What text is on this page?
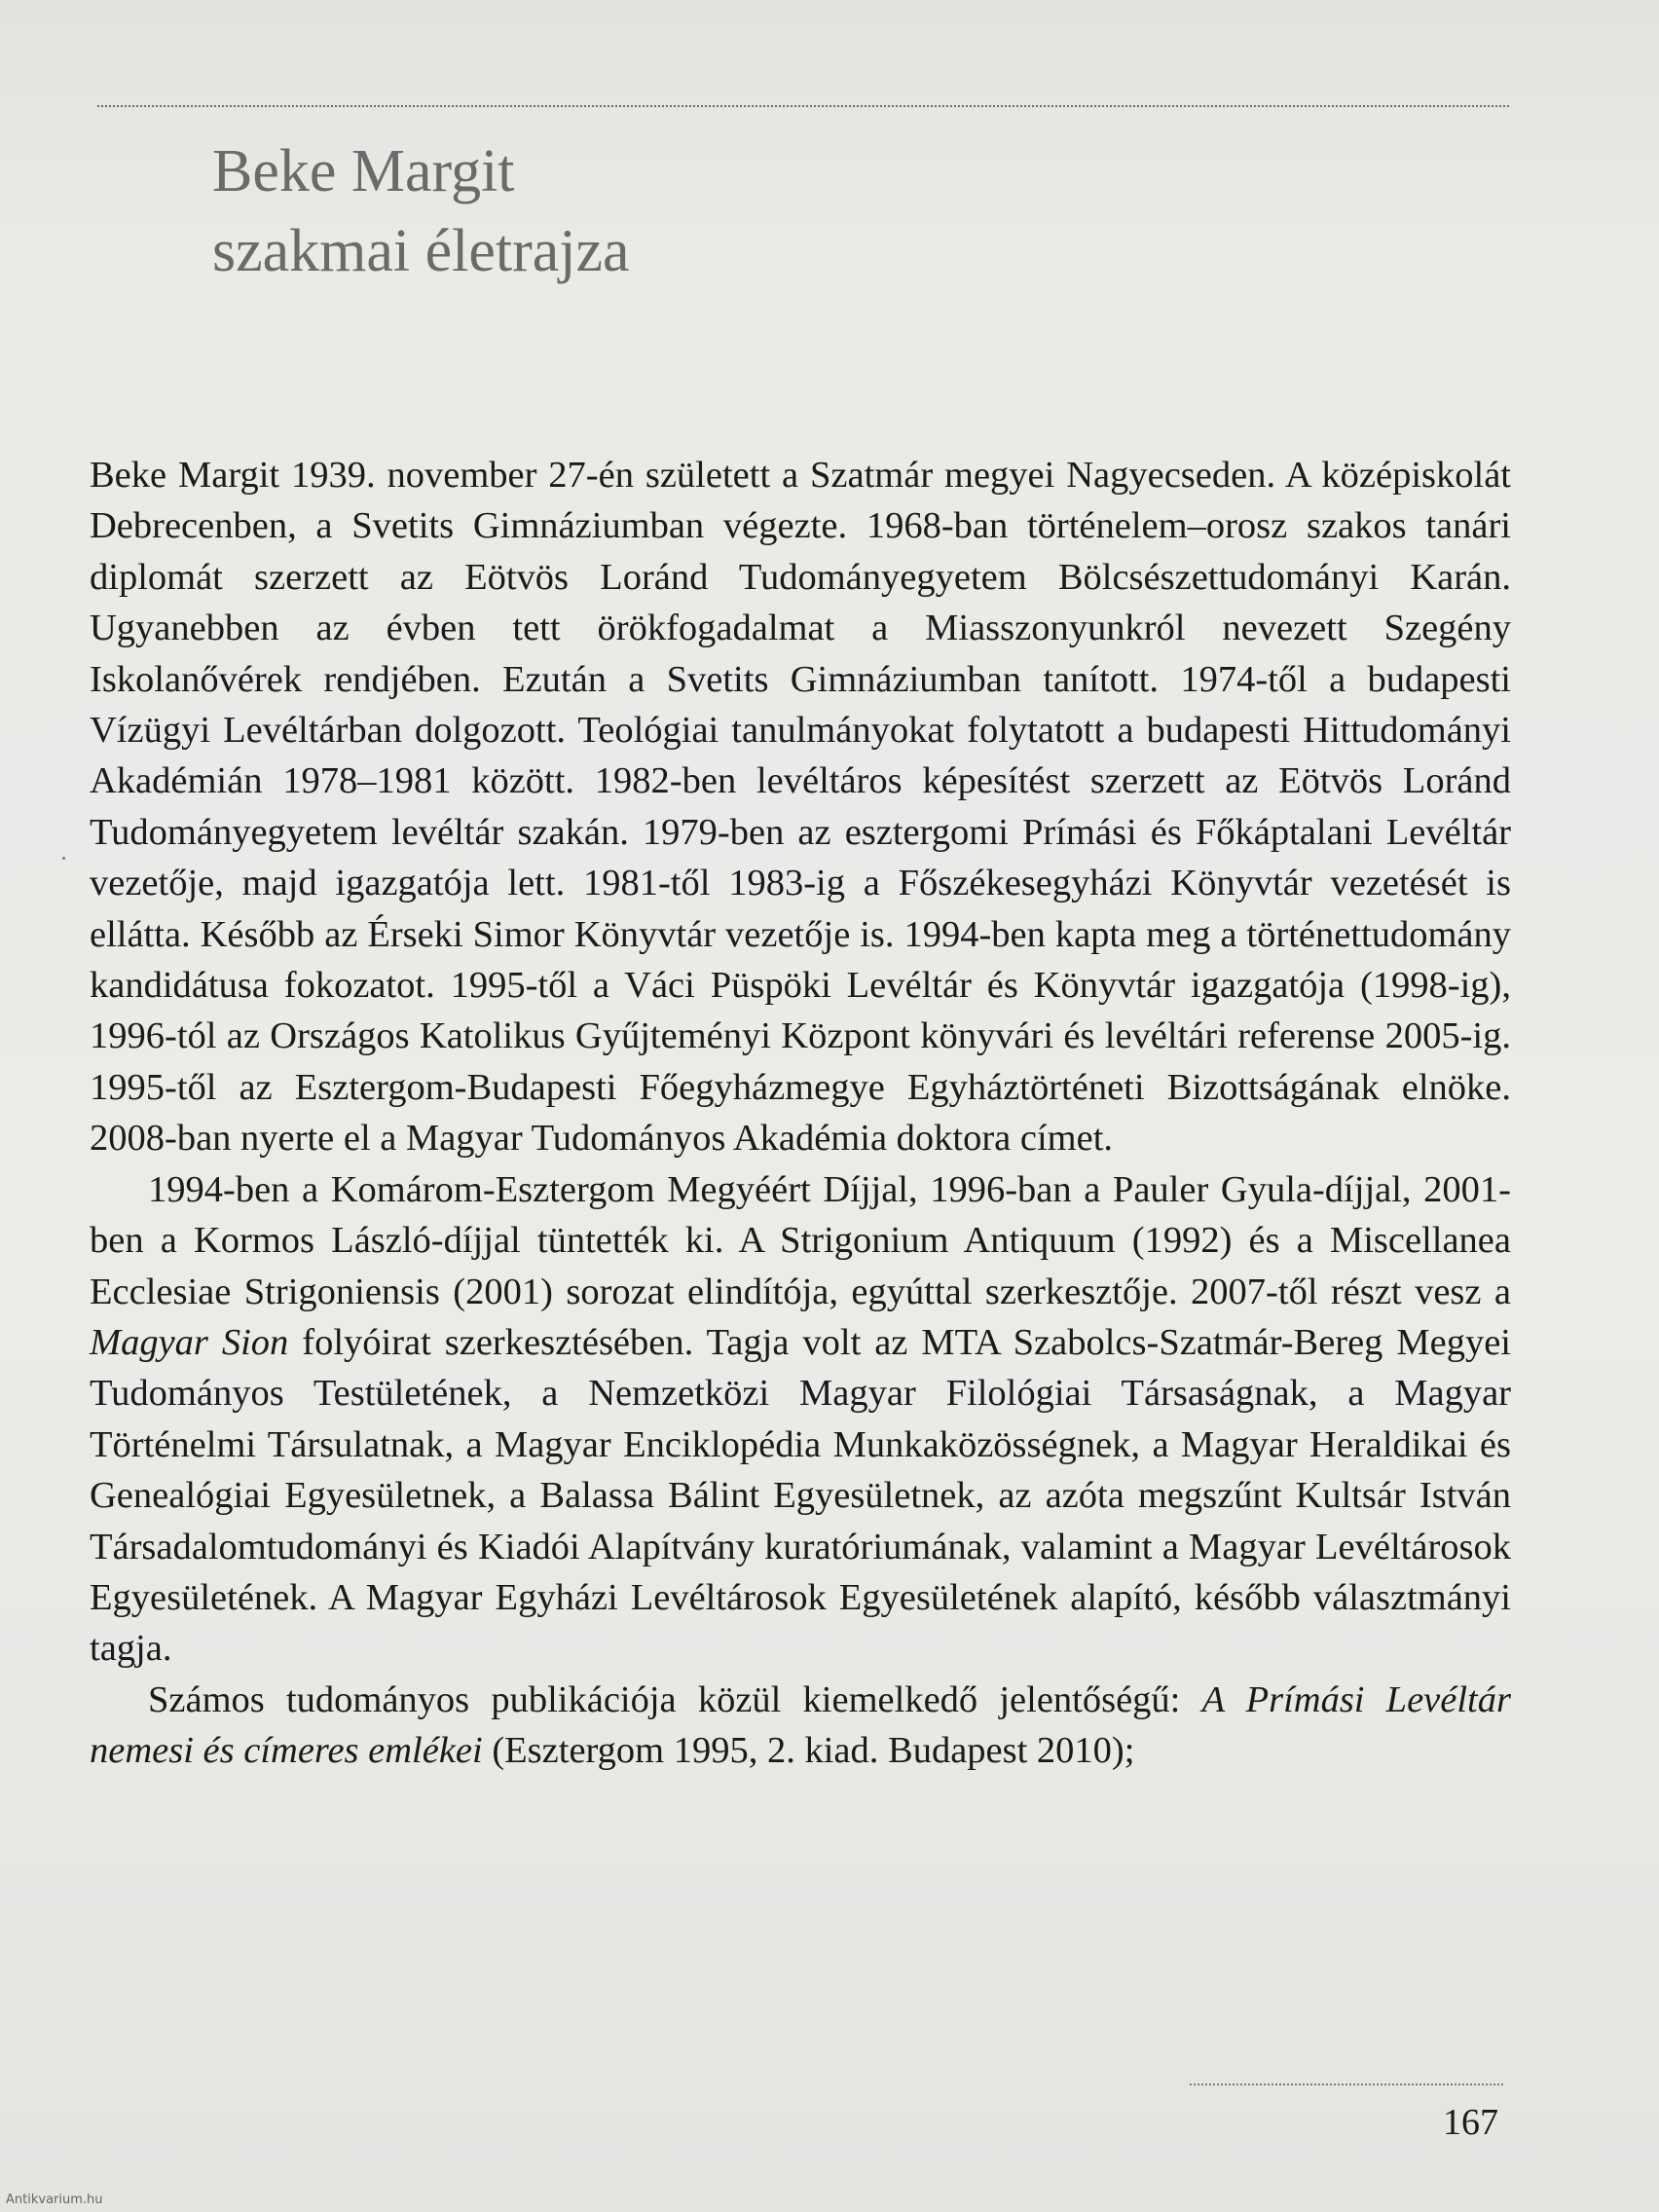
Beke Margit
szakmai életrajza

Beke Margit 1939. november 27-én született a Szatmár megyei Nagyecseden. A középiskolát Debrecenben, a Svetits Gimnáziumban végezte. 1968-ban történelem–orosz szakos tanári diplomát szerzett az Eötvös Loránd Tudományegyetem Bölcsészettudományi Karán. Ugyanebben az évben tett örökfogadalmat a Miasszonyunkról nevezett Szegény Iskolanővérek rendjében. Ezután a Svetits Gimnáziumban tanított. 1974-től a budapesti Vízügyi Levéltárban dolgozott. Teológiai tanulmányokat folytatott a budapesti Hittudományi Akadémián 1978–1981 között. 1982-ben levéltáros képesítést szerzett az Eötvös Loránd Tudományegyetem levéltár szakán. 1979-ben az esztergomi Prímási és Főkáptalani Levéltár vezetője, majd igazgatója lett. 1981-től 1983-ig a Főszékesegyházi Könyvtár vezetését is ellátta. Később az Érseki Simor Könyvtár vezetője is. 1994-ben kapta meg a történettudomány kandidátusa fokozatot. 1995-től a Váci Püspöki Levéltár és Könyvtár igazgatója (1998-ig), 1996-tól az Országos Katolikus Gyűjteményi Központ könyvári és levéltári referense 2005-ig. 1995-től az Esztergom-Budapesti Főegyházmegye Egyháztörténeti Bizottságának elnöke. 2008-ban nyerte el a Magyar Tudományos Akadémia doktora címet.

1994-ben a Komárom-Esztergom Megyéért Díjjal, 1996-ban a Pauler Gyula-díjjal, 2001-ben a Kormos László-díjjal tüntették ki. A Strigonium Antiquum (1992) és a Miscellanea Ecclesiae Strigoniensis (2001) sorozat elindítója, egyúttal szerkesztője. 2007-től részt vesz a Magyar Sion folyóirat szerkesztésében. Tagja volt az MTA Szabolcs-Szatmár-Bereg Megyei Tudományos Testületének, a Nemzetközi Magyar Filológiai Társaságnak, a Magyar Történelmi Társulatnak, a Magyar Enciklopédia Munkaközösségnek, a Magyar Heraldikai és Genealógiai Egyesületnek, a Balassa Bálint Egyesületnek, az azóta megszűnt Kultsár István Társadalomtudományi és Kiadói Alapítvány kuratóriumának, valamint a Magyar Levéltárosok Egyesületének. A Magyar Egyházi Levéltárosok Egyesületének alapító, később választmányi tagja.

Számos tudományos publikációja közül kiemelkedő jelentőségű: A Prímási Levéltár nemesi és címeres emlékei (Esztergom 1995, 2. kiad. Budapest 2010);

167
Antikvarium.hu
